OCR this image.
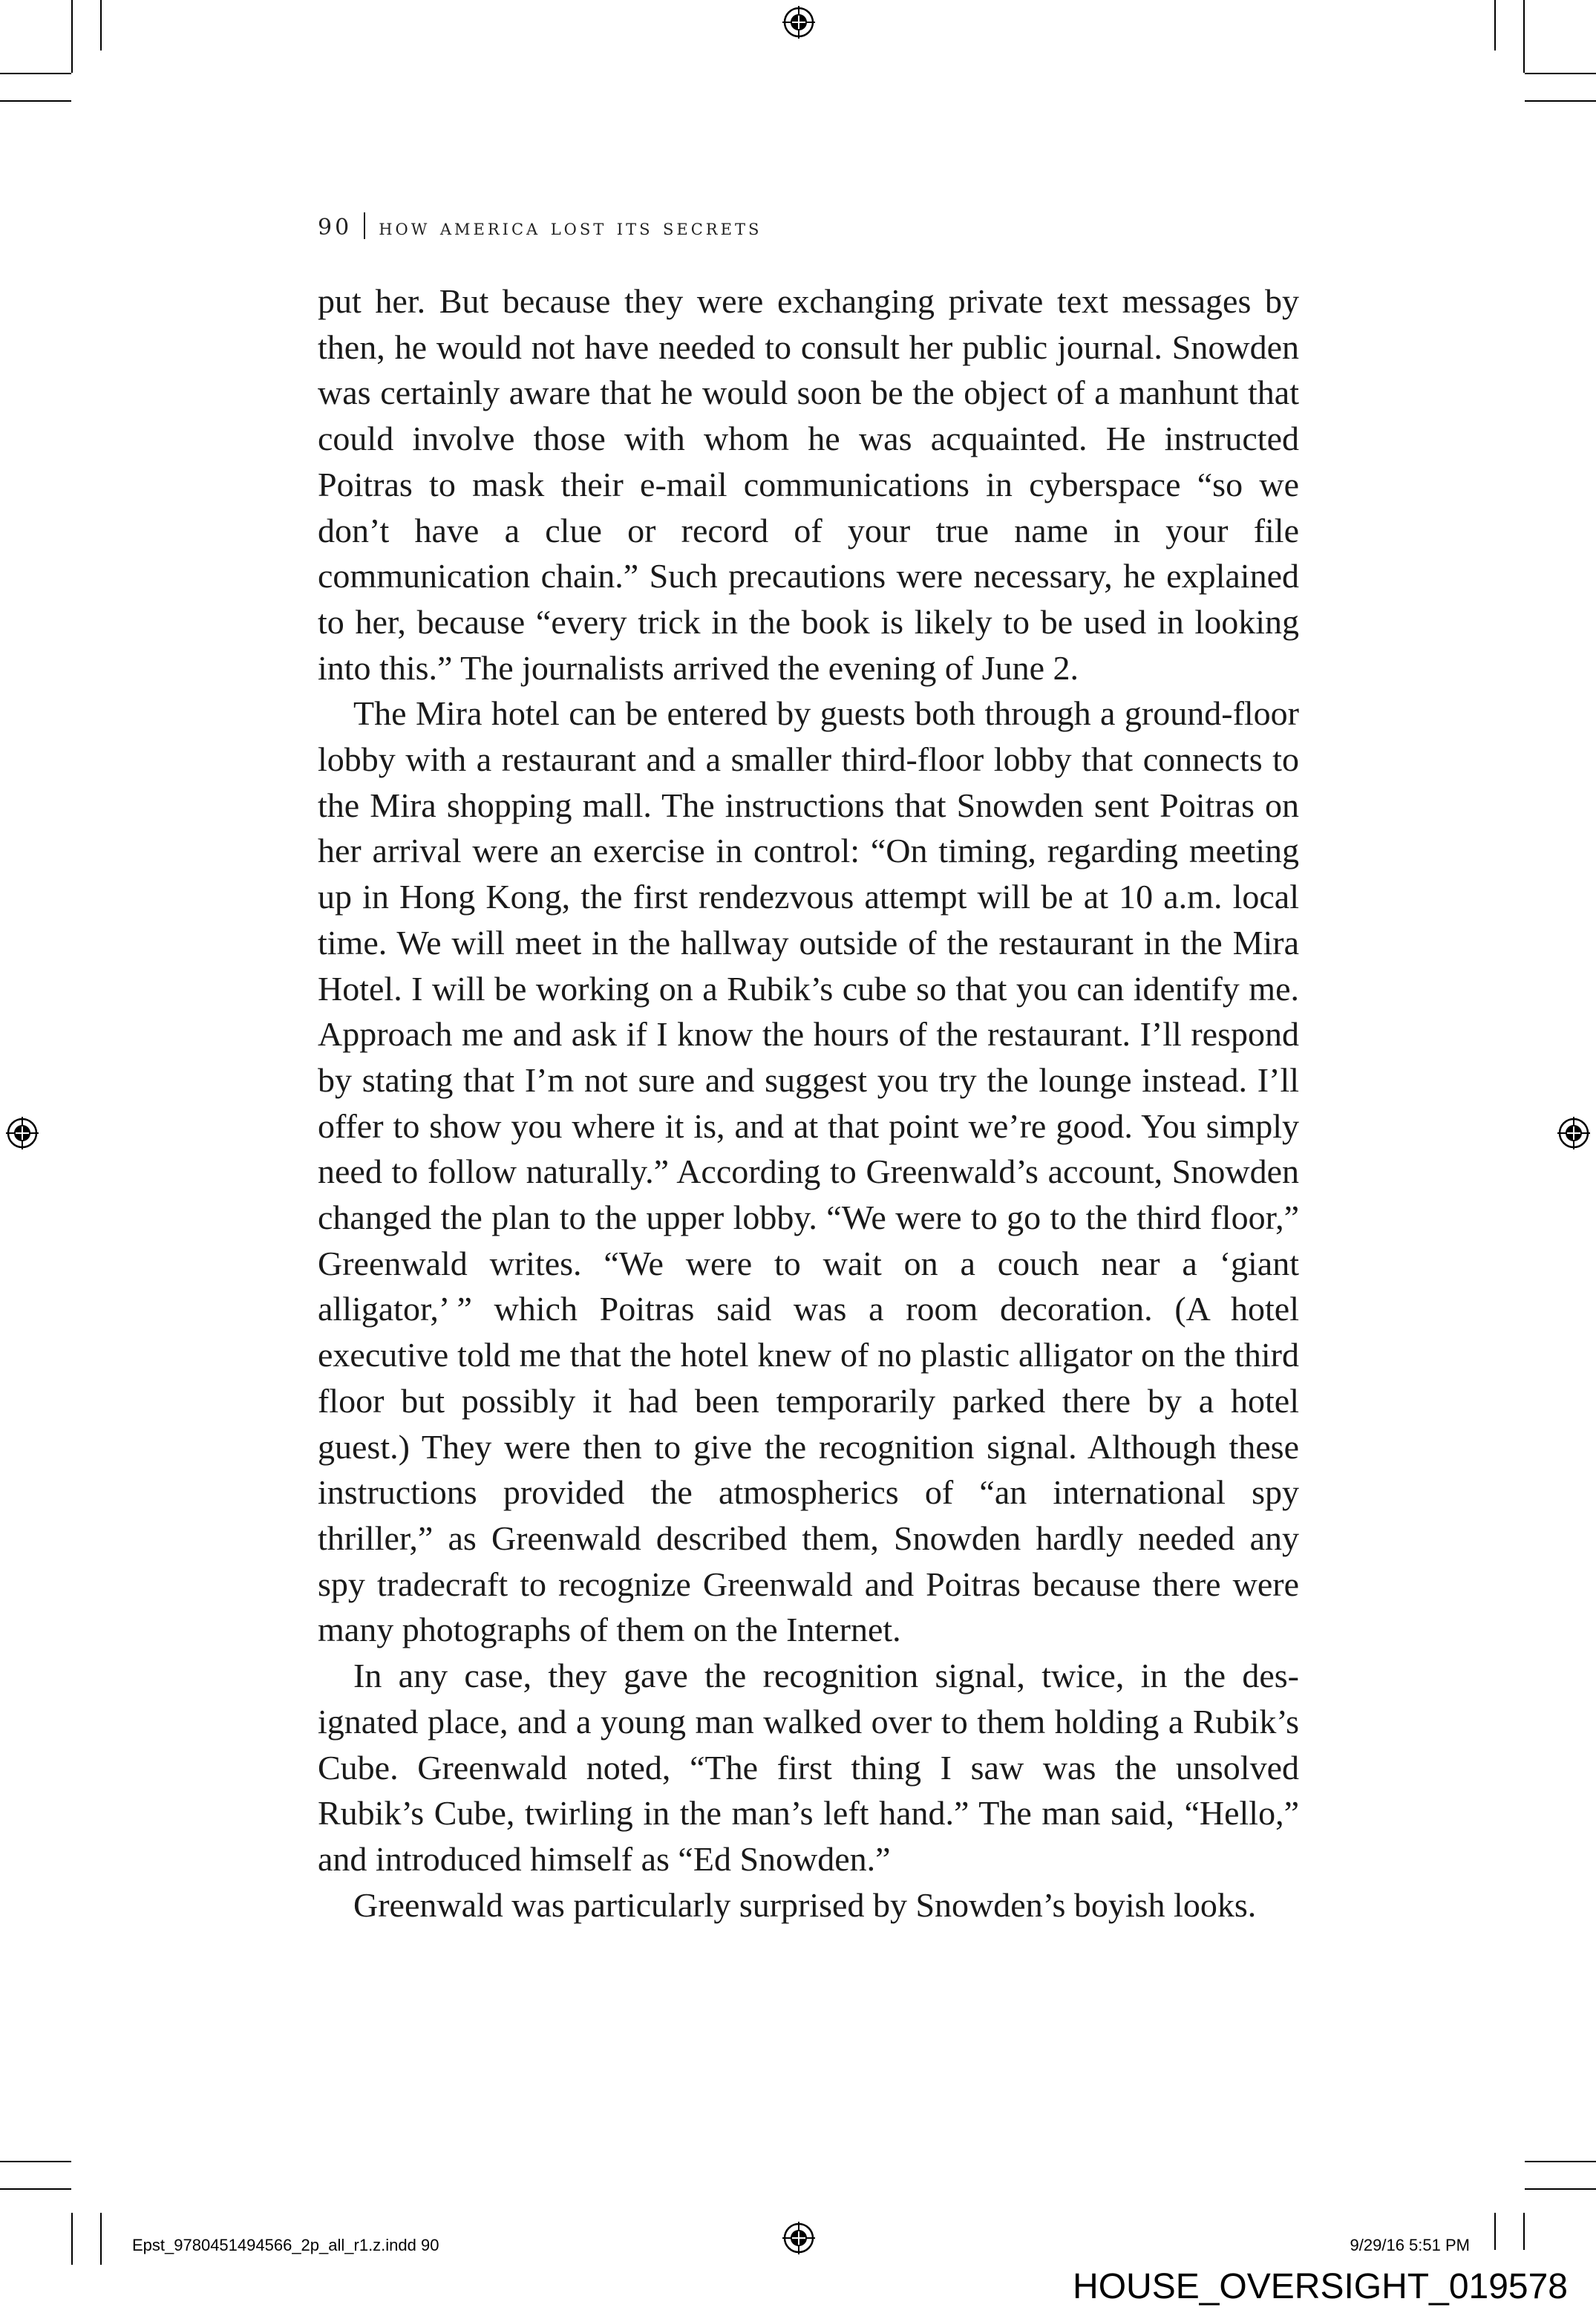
90 how america lost its secrets

put her. But because they were exchanging private text messages by then, he would not have needed to consult her public journal. Snowden was certainly aware that he would soon be the object of a manhunt that could involve those with whom he was acquainted. He instructed Poitras to mask their e-mail communications in cyberspace “so we don’t have a clue or record of your true name in your file communication chain.” Such precautions were necessary, he explained to her, because “every trick in the book is likely to be used in looking into this.” The journalists arrived the evening of June 2.

The Mira hotel can be entered by guests both through a ground-floor lobby with a restaurant and a smaller third-floor lobby that connects to the Mira shopping mall. The instructions that Snowden sent Poitras on her arrival were an exercise in control: “On timing, regarding meeting up in Hong Kong, the first rendezvous attempt will be at 10 a.m. local time. We will meet in the hallway outside of the restaurant in the Mira Hotel. I will be working on a Rubik’s cube so that you can identify me. Approach me and ask if I know the hours of the restaurant. I’ll respond by stating that I’m not sure and suggest you try the lounge instead. I’ll offer to show you where it is, and at that point we’re good. You simply need to follow naturally.” According to Greenwald’s account, Snowden changed the plan to the upper lobby. “We were to go to the third floor,” Greenwald writes. “We were to wait on a couch near a ‘giant alligator,’ ” which Poitras said was a room decoration. (A hotel executive told me that the hotel knew of no plastic alligator on the third floor but possibly it had been temporarily parked there by a hotel guest.) They were then to give the recognition signal. Although these instructions provided the atmospherics of “an international spy thriller,” as Greenwald described them, Snowden hardly needed any spy tradecraft to recognize Greenwald and Poitras because there were many photographs of them on the Internet.

In any case, they gave the recognition signal, twice, in the designated place, and a young man walked over to them holding a Rubik’s Cube. Greenwald noted, “The first thing I saw was the unsolved Rubik’s Cube, twirling in the man’s left hand.” The man said, “Hello,” and introduced himself as “Ed Snowden.”

Greenwald was particularly surprised by Snowden’s boyish looks.

Epst_9780451494566_2p_all_r1.z.indd 90	9/29/16 5:51 PM
HOUSE_OVERSIGHT_019578
